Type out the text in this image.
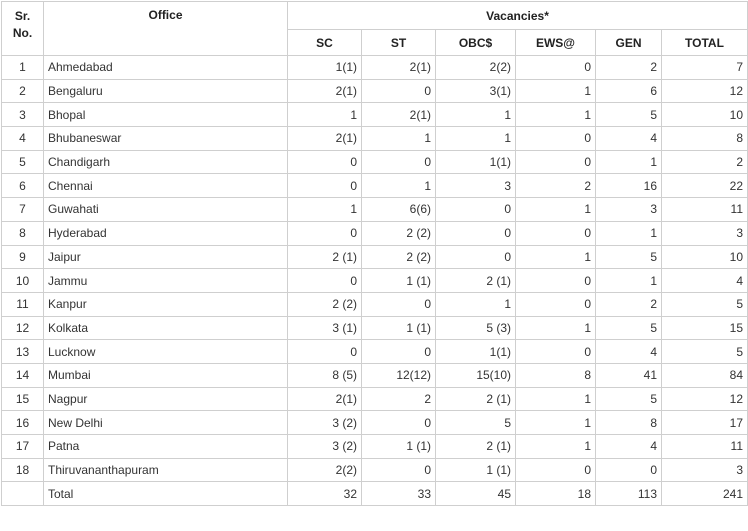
Sr.
No.	Office	Vacancies*					
		SC	ST	OBC$	EWS@	GEN	TOTAL
1	Ahmedabad	1(1)	2(1)	2(2)	0	2	7
2	Bengaluru	2(1)	0	3(1)	1	6	12
3	Bhopal	1	2(1)	1	1	5	10
4	Bhubaneswar	2(1)	1	1	0	4	8
5	Chandigarh	0	0	1(1)	0	1	2
6	Chennai	0	1	3	2	16	22
7	Guwahati	1	6(6)	0	1	3	11
8	Hyderabad	0	2 (2)	0	0	1	3
9	Jaipur	2 (1)	2 (2)	0	1	5	10
10	Jammu	0	1 (1)	2 (1)	0	1	4
11	Kanpur	2 (2)	0	1	0	2	5
12	Kolkata	3 (1)	1 (1)	5 (3)	1	5	15
13	Lucknow	0	0	1(1)	0	4	5
14	Mumbai	8 (5)	12(12)	15(10)	8	41	84
15	Nagpur	2(1)	2	2 (1)	1	5	12
16	New Delhi	3 (2)	0	5	1	8	17
17	Patna	3 (2)	1 (1)	2 (1)	1	4	11
18	Thiruvananthapuram	2(2)	0	1 (1)	0	0	3
	Total	32	33	45	18	113	241
